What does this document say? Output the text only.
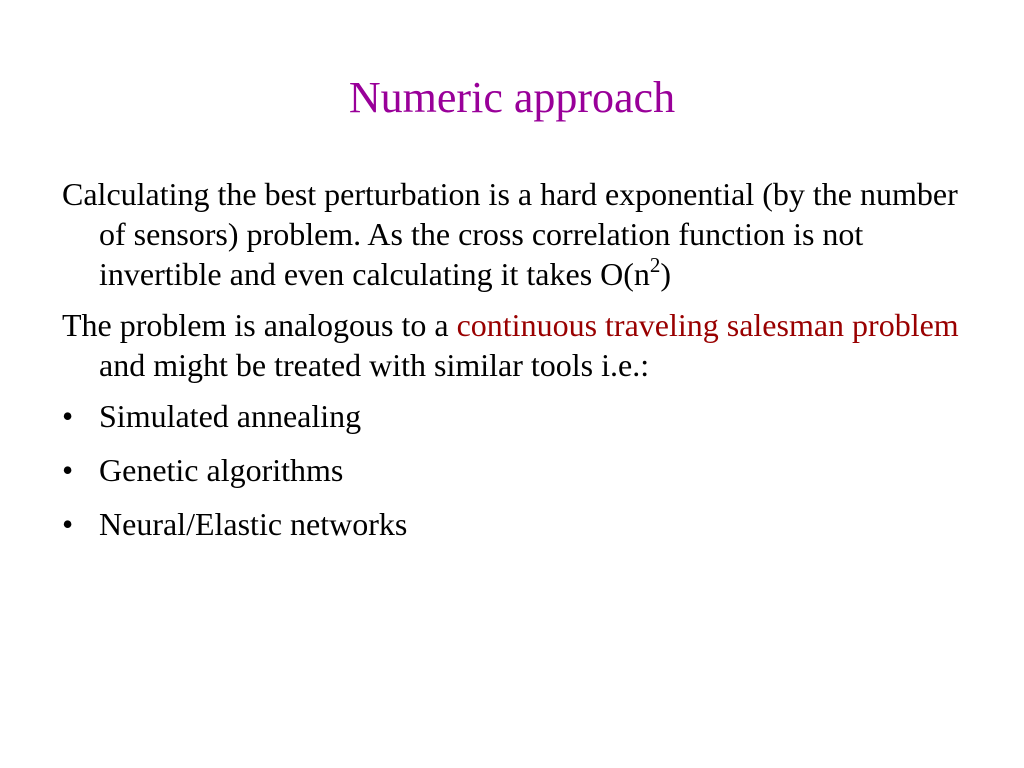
Numeric approach
Calculating the best perturbation is a hard exponential (by the number of sensors) problem. As the cross correlation function is not invertible and even calculating it takes $O(n^2)$
The problem is analogous to a continuous traveling salesman problem and might be treated with similar tools i.e.:
• Simulated annealing
• Genetic algorithms
• Neural/Elastic networks
